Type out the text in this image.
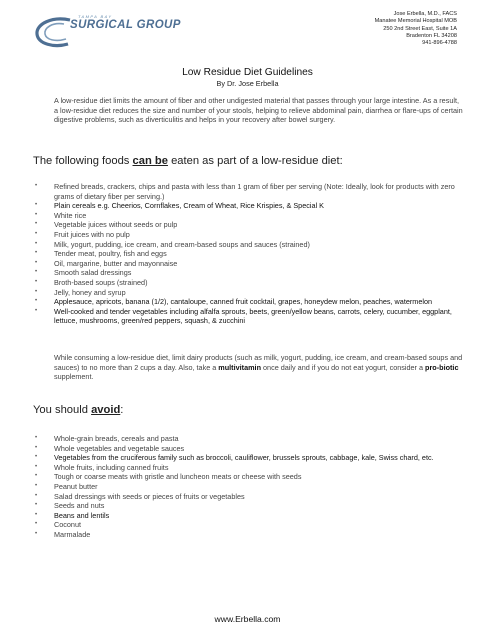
TAMPA BAY
SURGICAL GROUP
Jose Erbella, M.D., FACS
Manatee Memorial Hospital MOB
250 2nd Street East, Suite 1A
Bradenton FL 34208
941-896-4788
Low Residue Diet Guidelines
By Dr. Jose Erbella
A low-residue diet limits the amount of fiber and other undigested material that passes through your large intestine. As a result, a low-residue diet reduces the size and number of your stools, helping to relieve abdominal pain, diarrhea or flare-ups of certain digestive problems, such as diverticulitis and helps in your recovery after bowel surgery.
The following foods can be eaten as part of a low-residue diet:
• Refined breads, crackers, chips and pasta with less than 1 gram of fiber per serving (Note: Ideally, look for products with zero grams of dietary fiber per serving.)
• Plain cereals e.g. Cheerios, Cornflakes, Cream of Wheat, Rice Krispies, & Special K
• White rice
• Vegetable juices without seeds or pulp
• Fruit juices with no pulp
• Milk, yogurt, pudding, ice cream, and cream-based soups and sauces (strained)
• Tender meat, poultry, fish and eggs
• Oil, margarine, butter and mayonnaise
• Smooth salad dressings
• Broth-based soups (strained)
• Jelly, honey and syrup
• Applesauce, apricots, banana (1/2), cantaloupe, canned fruit cocktail, grapes, honeydew melon, peaches, watermelon
• Well-cooked and tender vegetables including alfalfa sprouts, beets, green/yellow beans, carrots, celery, cucumber, eggplant, lettuce, mushrooms, green/red peppers, squash, & zucchini
While consuming a low-residue diet, limit dairy products (such as milk, yogurt, pudding, ice cream, and cream-based soups and sauces) to no more than 2 cups a day. Also, take a multivitamin once daily and if you do not eat yogurt, consider a pro-biotic supplement.
You should avoid:
• Whole-grain breads, cereals and pasta
• Whole vegetables and vegetable sauces
• Vegetables from the cruciferous family such as broccoli, cauliflower, brussels sprouts, cabbage, kale, Swiss chard, etc.
• Whole fruits, including canned fruits
• Tough or coarse meats with gristle and luncheon meats or cheese with seeds
• Peanut butter
• Salad dressings with seeds or pieces of fruits or vegetables
• Seeds and nuts
• Beans and lentils
• Coconut
• Marmalade
www.Erbella.com
